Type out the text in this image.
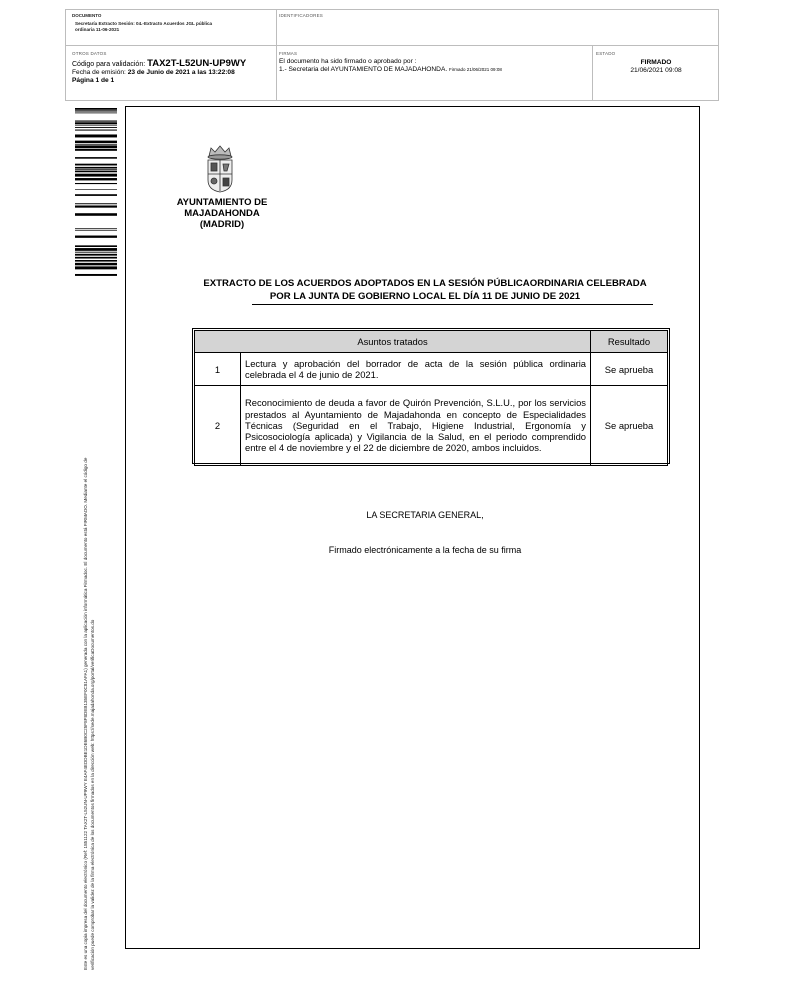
DOCUMENTO
Secretaría Extracto Sesión: 04.-Extracto Acuerdos JGL pública
ordinaria 11-06-2021
IDENTIFICADORES
OTROS DATOS
Código para validación: TAX2T-L52UN-UP9WY
Fecha de emisión: 23 de Junio de 2021 a las 13:22:08
Página 1 de 1
FIRMAS
El documento ha sido firmado o aprobado por :
1.- Secretaria del AYUNTAMIENTO DE MAJADAHONDA. Firmado 21/06/2021 09:08
ESTADO
FIRMADO
21/06/2021 09:08
Este es una copia impresa del documento electrónico (Ref: 1851122 TAX2T-L52UN-UP9WY E4AF4EDDBE1DE6B0C25F8F8DEB135EF0C81AFA1) generada con la aplicación informática Firmadoc. El documento está FIRMADO. Mediante el código de verificación puede comprobar la validez de la firma electrónica de los documentos firmados en la dirección web: https://sede.majadahonda.org/portal/verificaDocumentos.do
AYUNTAMIENTO DE
MAJADAHONDA
(MADRID)
EXTRACTO DE LOS ACUERDOS ADOPTADOS EN LA SESIÓN PÚBLICAORDINARIA CELEBRADA
POR LA JUNTA DE GOBIERNO LOCAL EL DÍA 11 DE JUNIO DE 2021
Asuntos tratados		Resultado
1	Lectura y aprobación del borrador de acta de la sesión pública ordinaria celebrada el 4 de junio de 2021.	Se aprueba
2	Reconocimiento de deuda a favor de Quirón Prevención, S.L.U., por los servicios prestados al Ayuntamiento de Majadahonda en concepto de Especialidades Técnicas (Seguridad en el Trabajo, Higiene Industrial, Ergonomía y Psicosociología aplicada) y Vigilancia de la Salud, en el periodo comprendido entre el 4 de noviembre y el 22 de diciembre de 2020, ambos incluidos.	Se aprueba
LA SECRETARIA GENERAL,
Firmado electrónicamente a la fecha de su firma
